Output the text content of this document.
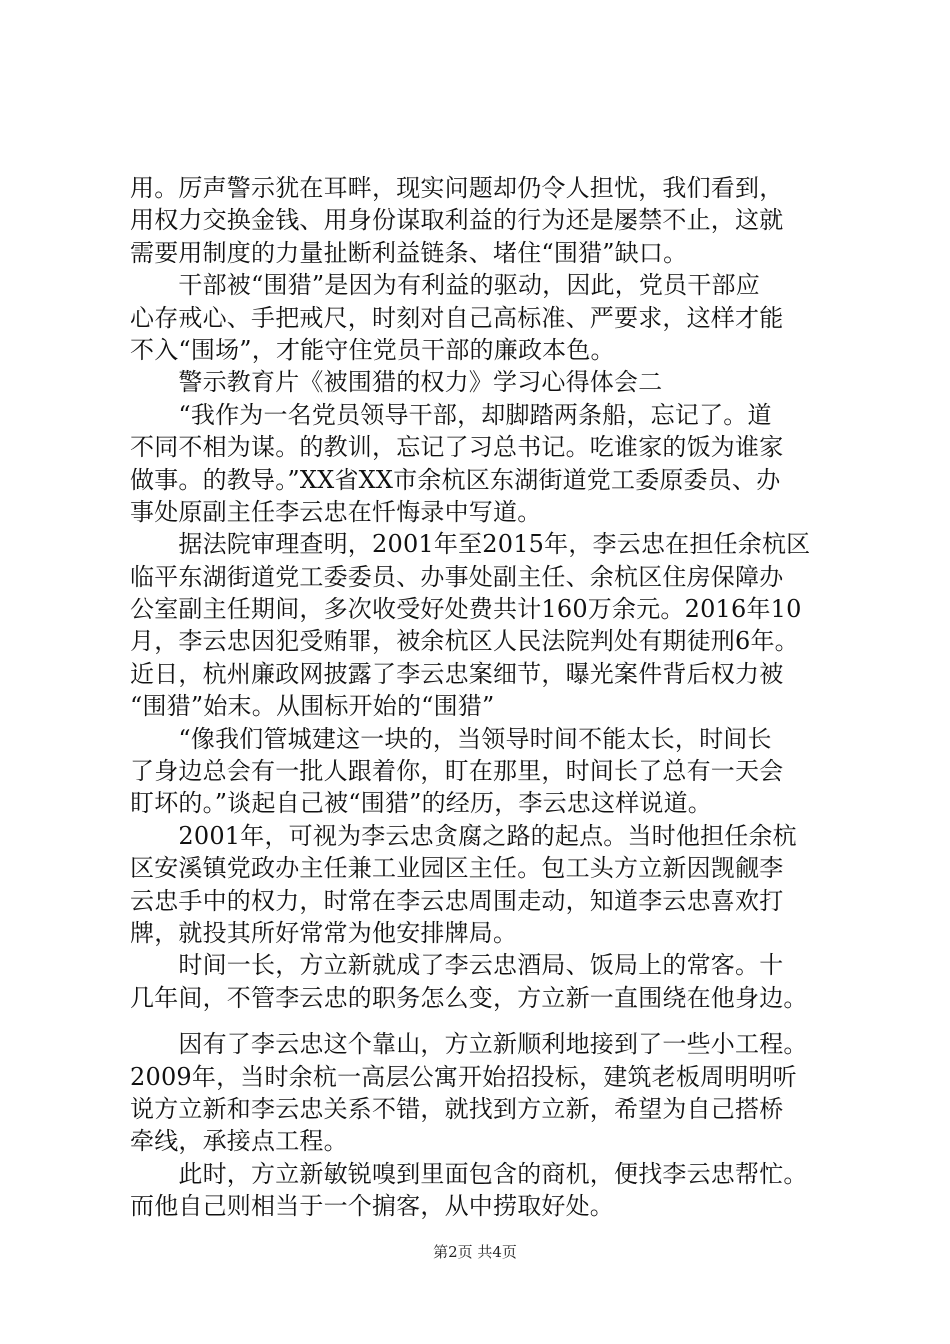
用。厉声警示犹在耳畔，现实问题却仍令人担忧，我们看到，
用权力交换金钱、用身份谋取利益的行为还是屡禁不止，这就
需要用制度的力量扯断利益链条、堵住“围猎”缺口。
　　干部被“围猎”是因为有利益的驱动，因此，党员干部应
心存戒心、手把戒尺，时刻对自己高标准、严要求，这样才能
不入“围场”，才能守住党员干部的廉政本色。
　　警示教育片《被围猎的权力》学习心得体会二
　　“我作为一名党员领导干部，却脚踏两条船，忘记了。道
不同不相为谋。的教训，忘记了习总书记。吃谁家的饭为谁家
做事。的教导。”XX省XX市余杭区东湖街道党工委原委员、办
事处原副主任李云忠在忏悔录中写道。
　　据法院审理查明，2001年至2015年，李云忠在担任余杭区
临平东湖街道党工委委员、办事处副主任、余杭区住房保障办
公室副主任期间，多次收受好处费共计160万余元。2016年10
月，李云忠因犯受贿罪，被余杭区人民法院判处有期徒刑6年。
近日，杭州廉政网披露了李云忠案细节，曝光案件背后权力被
“围猎”始末。从围标开始的“围猎”
　　“像我们管城建这一块的，当领导时间不能太长，时间长
了身边总会有一批人跟着你，盯在那里，时间长了总有一天会
盯坏的。”谈起自己被“围猎”的经历，李云忠这样说道。
　　2001年，可视为李云忠贪腐之路的起点。当时他担任余杭
区安溪镇党政办主任兼工业园区主任。包工头方立新因觊觎李
云忠手中的权力，时常在李云忠周围走动，知道李云忠喜欢打
牌，就投其所好常常为他安排牌局。
　　时间一长，方立新就成了李云忠酒局、饭局上的常客。十
几年间，不管李云忠的职务怎么变，方立新一直围绕在他身边。
　　因有了李云忠这个靠山，方立新顺利地接到了一些小工程。
2009年，当时余杭一高层公寓开始招投标，建筑老板周明明听
说方立新和李云忠关系不错，就找到方立新，希望为自己搭桥
牵线，承接点工程。
　　此时，方立新敏锐嗅到里面包含的商机，便找李云忠帮忙。
而他自己则相当于一个掮客，从中捞取好处。
第2页 共4页
